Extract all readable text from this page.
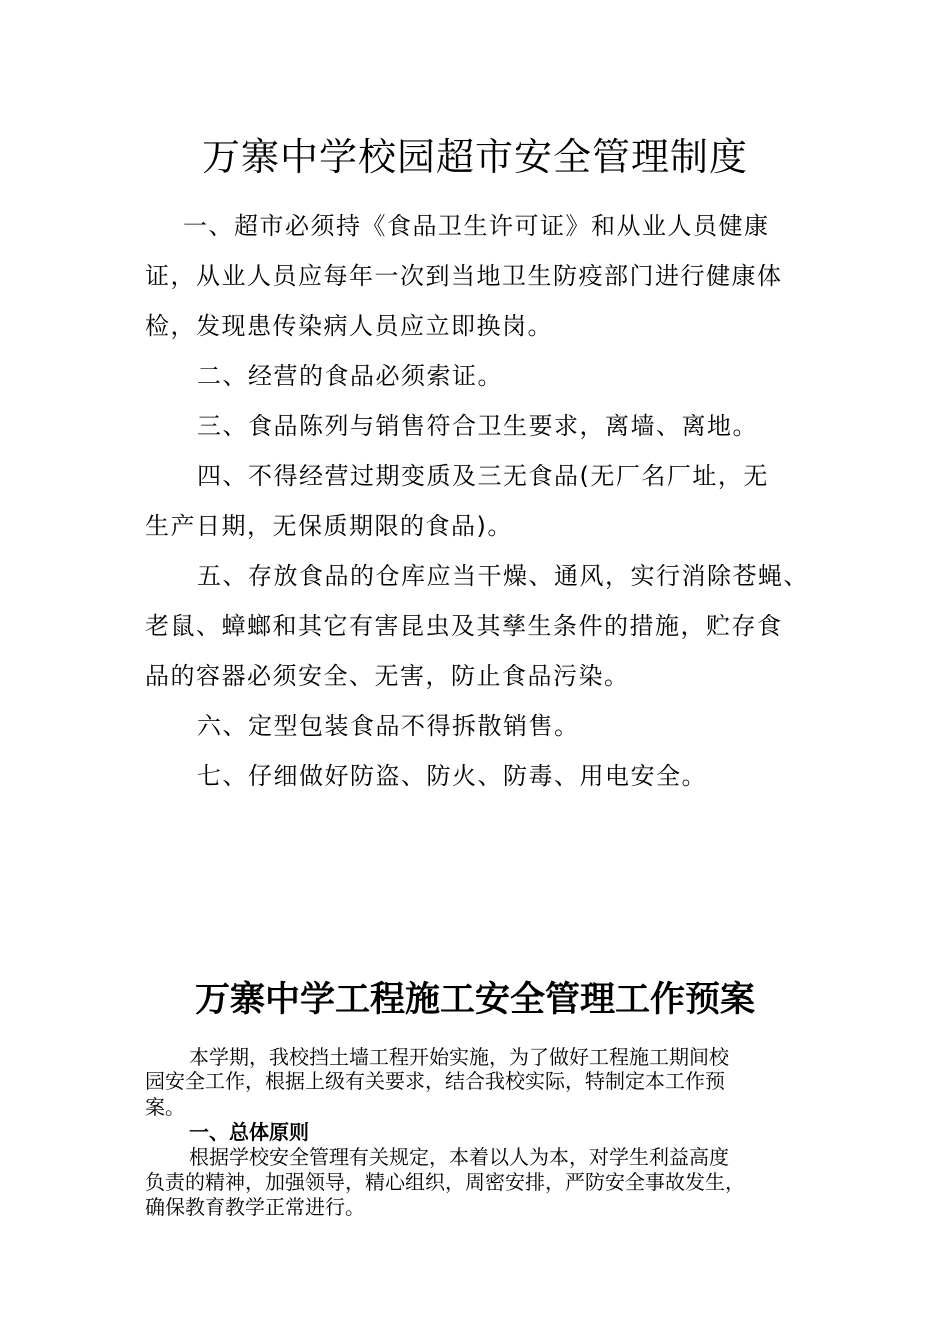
万寨中学校园超市安全管理制度
一、超市必须持《食品卫生许可证》和从业人员健康
证，从业人员应每年一次到当地卫生防疫部门进行健康体
检，发现患传染病人员应立即换岗。
二、经营的食品必须索证。
三、食品陈列与销售符合卫生要求，离墙、离地。
四、不得经营过期变质及三无食品(无厂名厂址，无
生产日期，无保质期限的食品)。
五、存放食品的仓库应当干燥、通风，实行消除苍蝇、
老鼠、蟑螂和其它有害昆虫及其孳生条件的措施，贮存食
品的容器必须安全、无害，防止食品污染。
六、定型包装食品不得拆散销售。
七、仔细做好防盗、防火、防毒、用电安全。
万寨中学工程施工安全管理工作预案
本学期，我校挡土墙工程开始实施，为了做好工程施工期间校
园安全工作，根据上级有关要求，结合我校实际，特制定本工作预
案。
一、总体原则
根据学校安全管理有关规定，本着以人为本，对学生利益高度
负责的精神，加强领导，精心组织，周密安排，严防安全事故发生，
确保教育教学正常进行。
